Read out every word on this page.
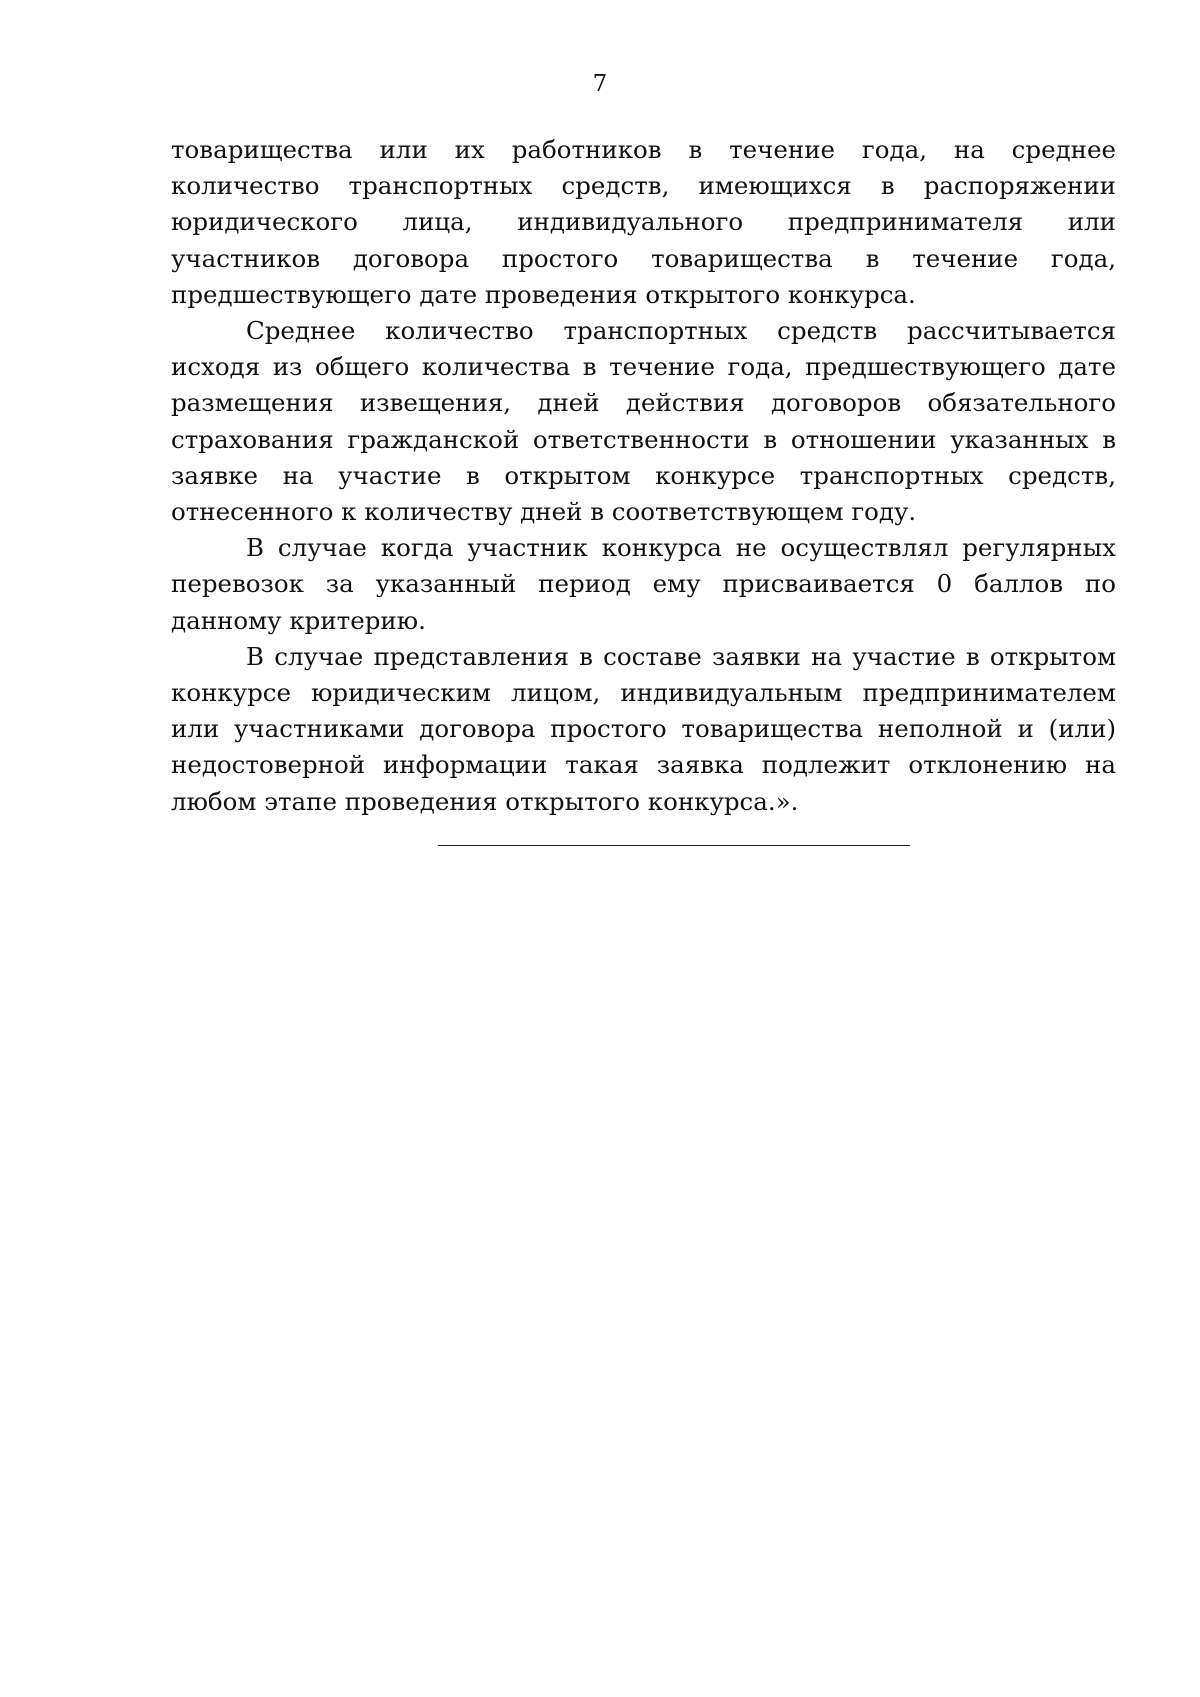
7

товарищества или их работников в течение года, на среднее количество транспортных средств, имеющихся в распоряжении юридического лица, индивидуального предпринимателя или участников договора простого товарищества в течение года, предшествующего дате проведения открытого конкурса.

Среднее количество транспортных средств рассчитывается исходя из общего количества в течение года, предшествующего дате размещения извещения, дней действия договоров обязательного страхования гражданской ответственности в отношении указанных в заявке на участие в открытом конкурсе транспортных средств, отнесенного к количеству дней в соответствующем году.

В случае когда участник конкурса не осуществлял регулярных перевозок за указанный период ему присваивается 0 баллов по данному критерию.

В случае представления в составе заявки на участие в открытом конкурсе юридическим лицом, индивидуальным предпринимателем или участниками договора простого товарищества неполной и (или) недостоверной информации такая заявка подлежит отклонению на любом этапе проведения открытого конкурса.».
